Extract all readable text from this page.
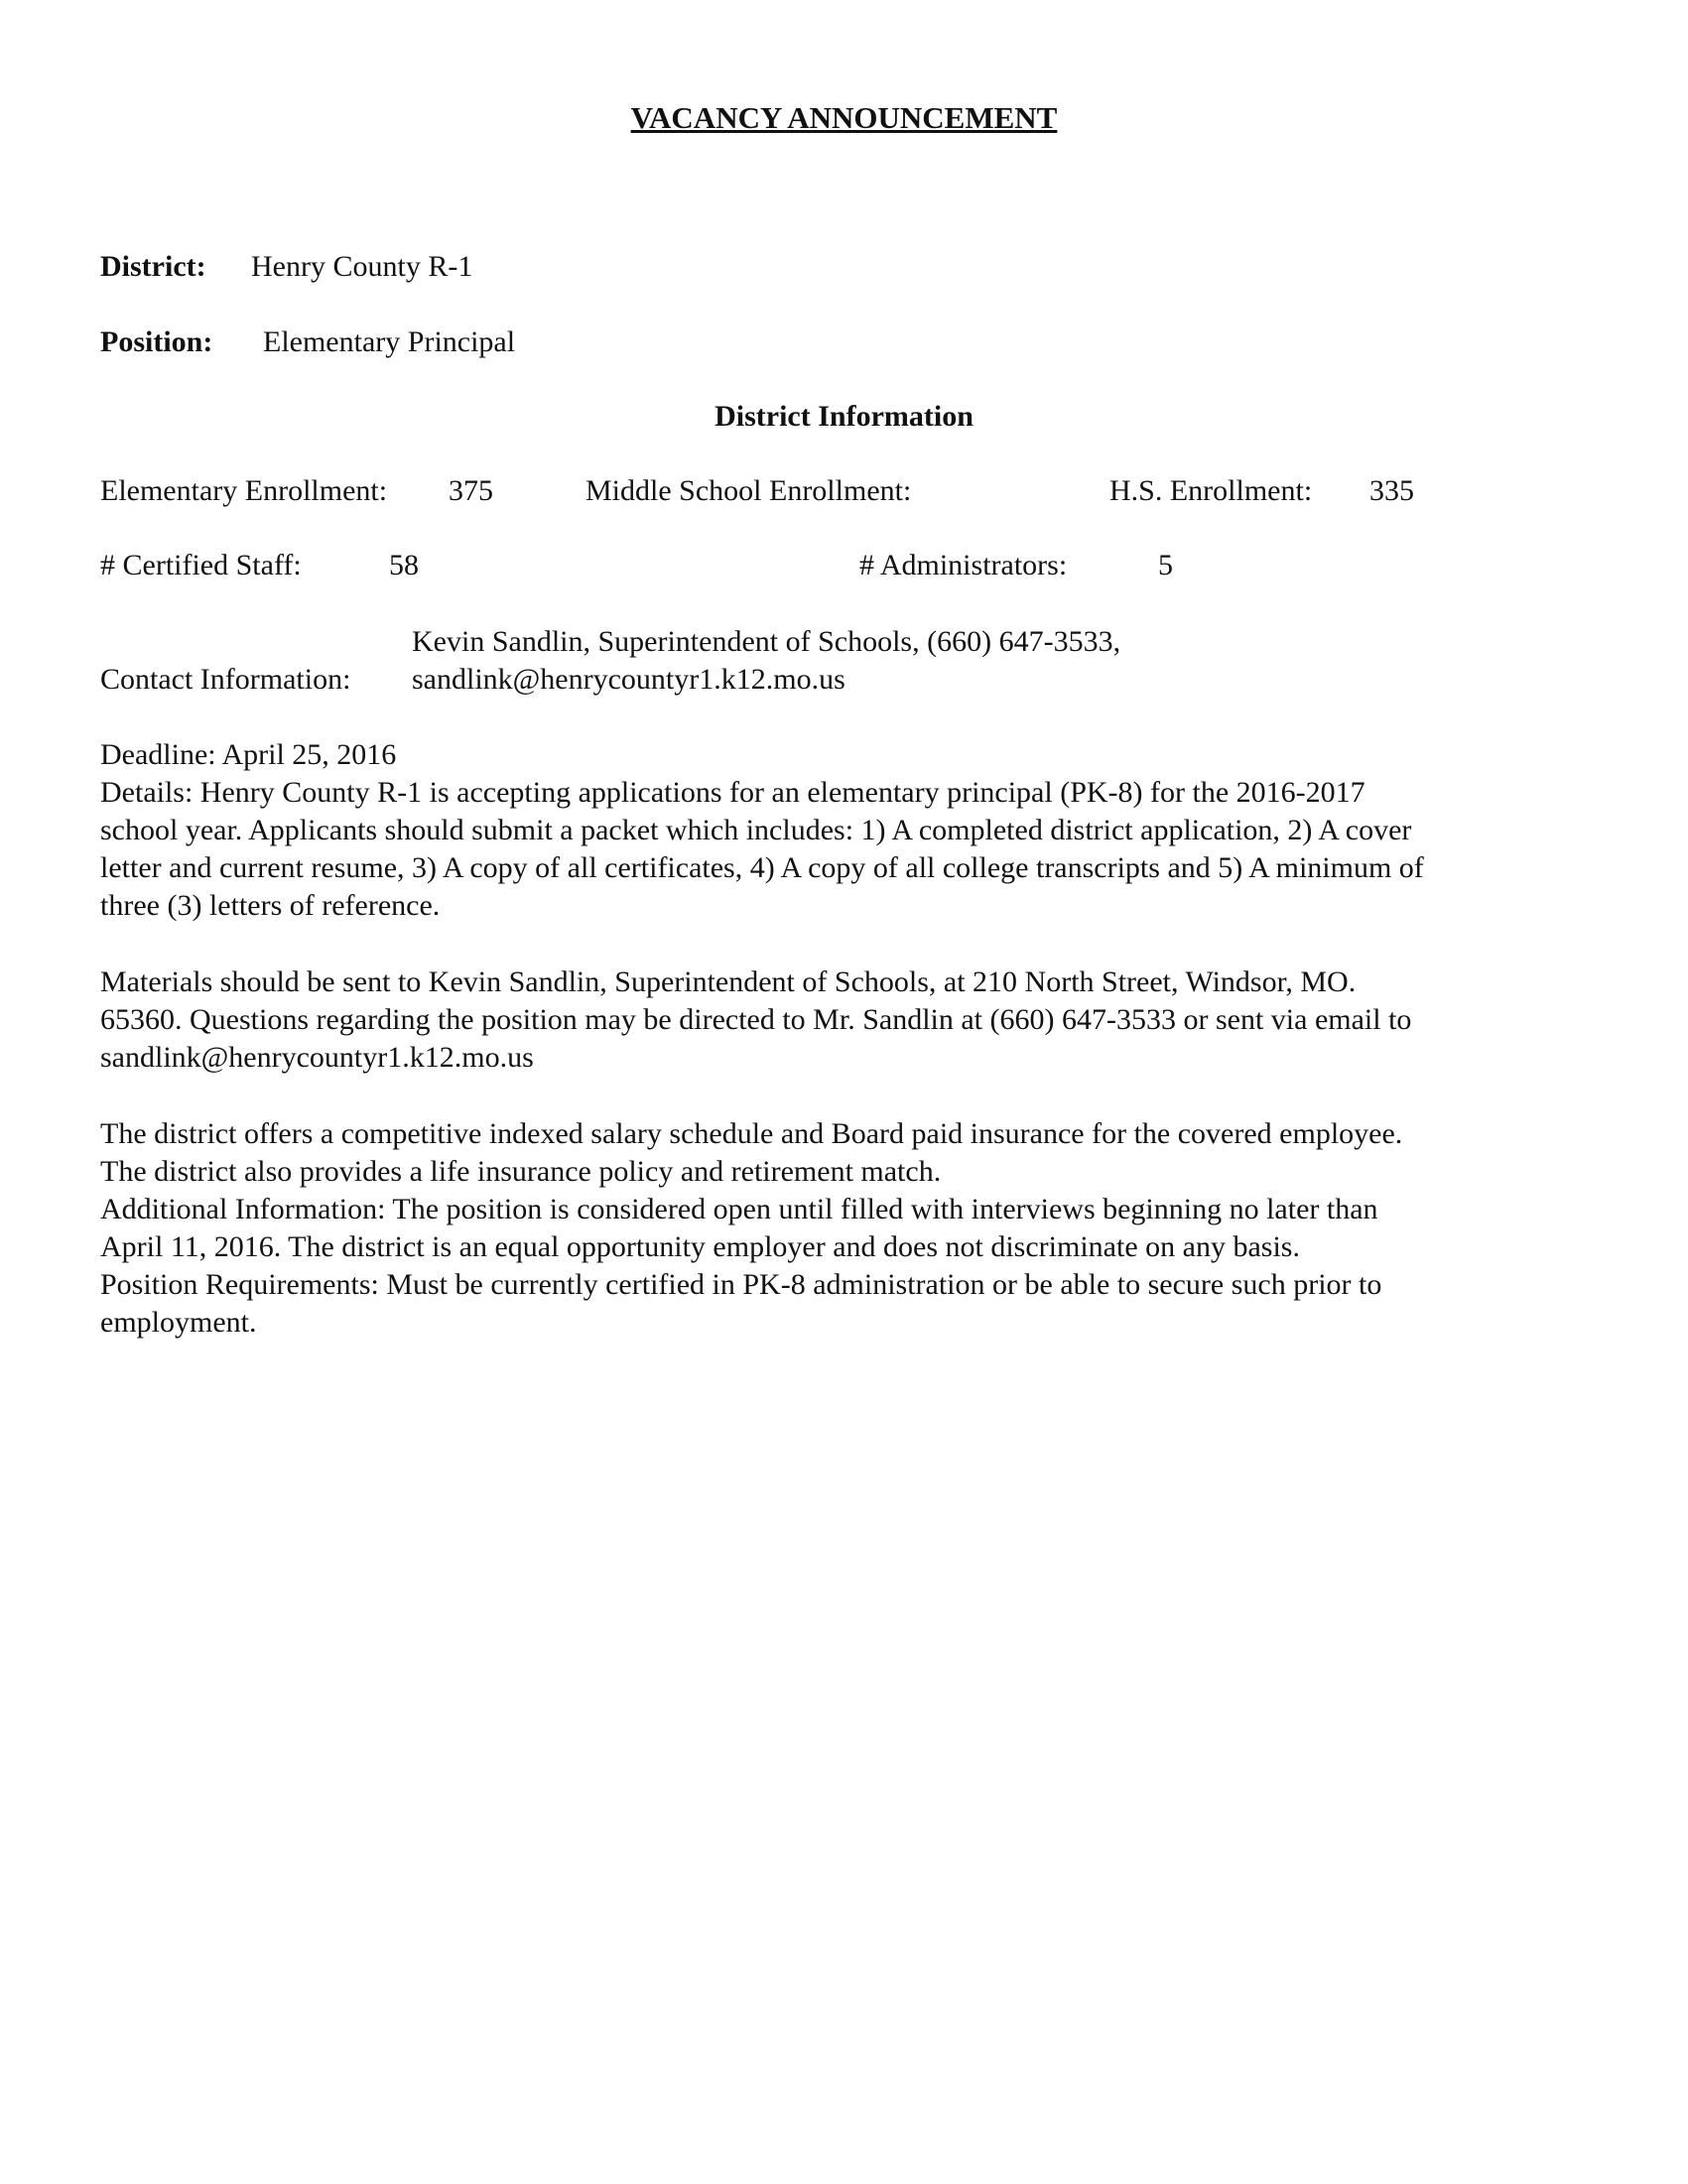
VACANCY ANNOUNCEMENT
District: Henry County R-1
Position: Elementary Principal
District Information
Elementary Enrollment: 375	Middle School Enrollment:	H.S. Enrollment: 335
# Certified Staff:	58	# Administrators:	5
Kevin Sandlin, Superintendent of Schools, (660) 647-3533,
Contact Information: sandlink@henrycountyr1.k12.mo.us
Deadline: April 25, 2016
Details: Henry County R-1 is accepting applications for an elementary principal (PK-8) for the 2016-2017
school year. Applicants should submit a packet which includes: 1) A completed district application, 2) A cover
letter and current resume, 3) A copy of all certificates, 4) A copy of all college transcripts and 5) A minimum of
three (3) letters of reference.
Materials should be sent to Kevin Sandlin, Superintendent of Schools, at 210 North Street, Windsor, MO.
65360. Questions regarding the position may be directed to Mr. Sandlin at (660) 647-3533 or sent via email to
sandlink@henrycountyr1.k12.mo.us
The district offers a competitive indexed salary schedule and Board paid insurance for the covered employee.
The district also provides a life insurance policy and retirement match.
Additional Information: The position is considered open until filled with interviews beginning no later than
April 11, 2016. The district is an equal opportunity employer and does not discriminate on any basis.
Position Requirements: Must be currently certified in PK-8 administration or be able to secure such prior to
employment.
